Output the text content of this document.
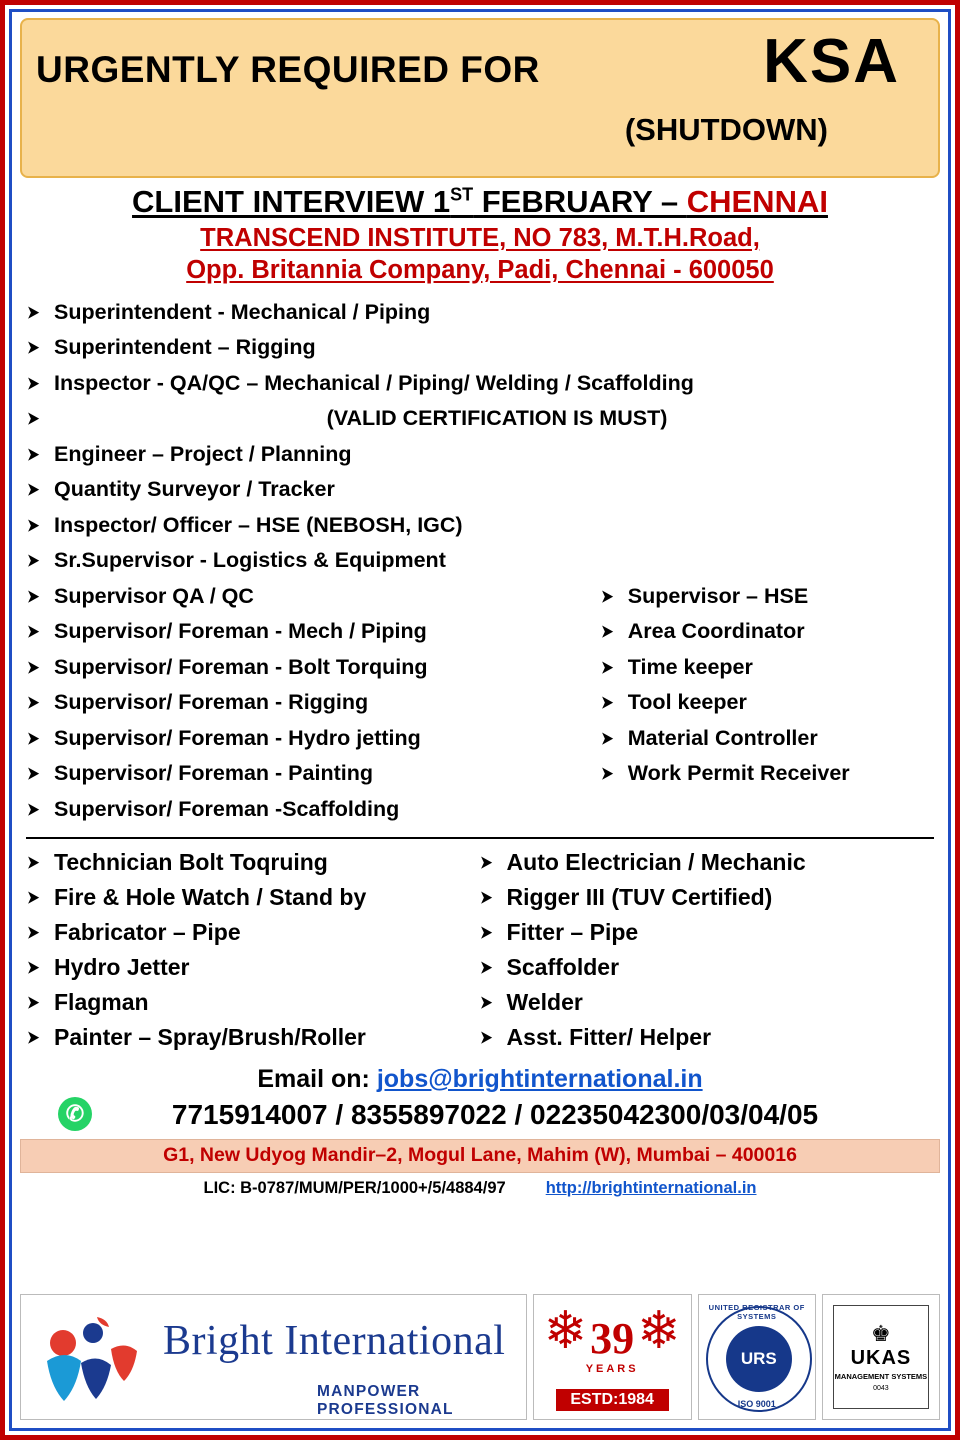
URGENTLY REQUIRED FOR	KSA
(SHUTDOWN)
CLIENT INTERVIEW 1ST FEBRUARY – CHENNAI
TRANSCEND INSTITUTE, NO 783, M.T.H.Road,
Opp. Britannia Company, Padi, Chennai - 600050
➤ Superintendent - Mechanical / Piping
➤ Superintendent – Rigging
➤ Inspector - QA/QC – Mechanical / Piping/ Welding / Scaffolding
➤ (VALID CERTIFICATION IS MUST)
➤ Engineer – Project / Planning
➤ Quantity Surveyor / Tracker
➤ Inspector/ Officer – HSE (NEBOSH, IGC)
➤ Sr.Supervisor - Logistics & Equipment
➤ Supervisor QA / QC
➤ Supervisor/ Foreman - Mech / Piping
➤ Supervisor/ Foreman - Bolt Torquing
➤ Supervisor/ Foreman - Rigging
➤ Supervisor/ Foreman - Hydro jetting
➤ Supervisor/ Foreman - Painting
➤ Supervisor/ Foreman -Scaffolding
➤ Supervisor – HSE
➤ Area Coordinator
➤ Time keeper
➤ Tool keeper
➤ Material Controller
➤ Work Permit Receiver
➤ Technician Bolt Toqruing
➤ Fire & Hole Watch / Stand by
➤ Fabricator – Pipe
➤ Hydro Jetter
➤ Flagman
➤ Painter – Spray/Brush/Roller
➤ Auto Electrician / Mechanic
➤ Rigger III (TUV Certified)
➤ Fitter – Pipe
➤ Scaffolder
➤ Welder
➤ Asst. Fitter/ Helper
Email on: jobs@brightinternational.in
✆	7715914007 / 8355897022 / 02235042300/03/04/05
G1, New Udyog Mandir–2, Mogul Lane, Mahim (W), Mumbai – 400016
LIC: B-0787/MUM/PER/1000+/5/4884/97 http://brightinternational.in
Bright International
MANPOWER PROFESSIONAL
❄ ❄
39
YEARS
ESTD:1984
UNITED REGISTRAR OF SYSTEMS
URS
ISO 9001
♚
UKAS
MANAGEMENT SYSTEMS
0043
